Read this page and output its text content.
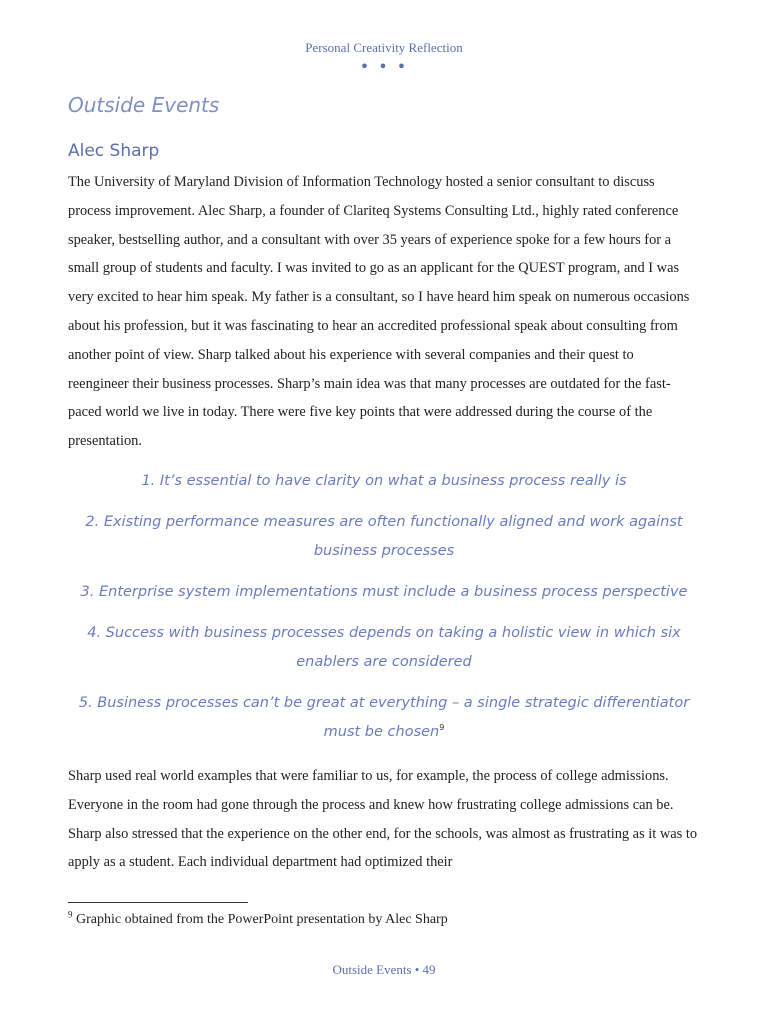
Personal Creativity Reflection
• • •
Outside Events
Alec Sharp

The University of Maryland Division of Information Technology hosted a senior consultant to discuss process improvement. Alec Sharp, a founder of Clariteq Systems Consulting Ltd., highly rated conference speaker, bestselling author, and a consultant with over 35 years of experience spoke for a few hours for a small group of students and faculty. I was invited to go as an applicant for the QUEST program, and I was very excited to hear him speak. My father is a consultant, so I have heard him speak on numerous occasions about his profession, but it was fascinating to hear an accredited professional speak about consulting from another point of view. Sharp talked about his experience with several companies and their quest to reengineer their business processes. Sharp’s main idea was that many processes are outdated for the fast-paced world we live in today. There were five key points that were addressed during the course of the presentation.

1. It’s essential to have clarity on what a business process really is
2. Existing performance measures are often functionally aligned and work against business processes
3. Enterprise system implementations must include a business process perspective
4. Success with business processes depends on taking a holistic view in which six enablers are considered
5. Business processes can’t be great at everything – a single strategic differentiator must be chosen$^9$

Sharp used real world examples that were familiar to us, for example, the process of college admissions. Everyone in the room had gone through the process and knew how frustrating college admissions can be. Sharp also stressed that the experience on the other end, for the schools, was almost as frustrating as it was to apply as a student. Each individual department had optimized their

$^9$ Graphic obtained from the PowerPoint presentation by Alec Sharp
Outside Events • 49
